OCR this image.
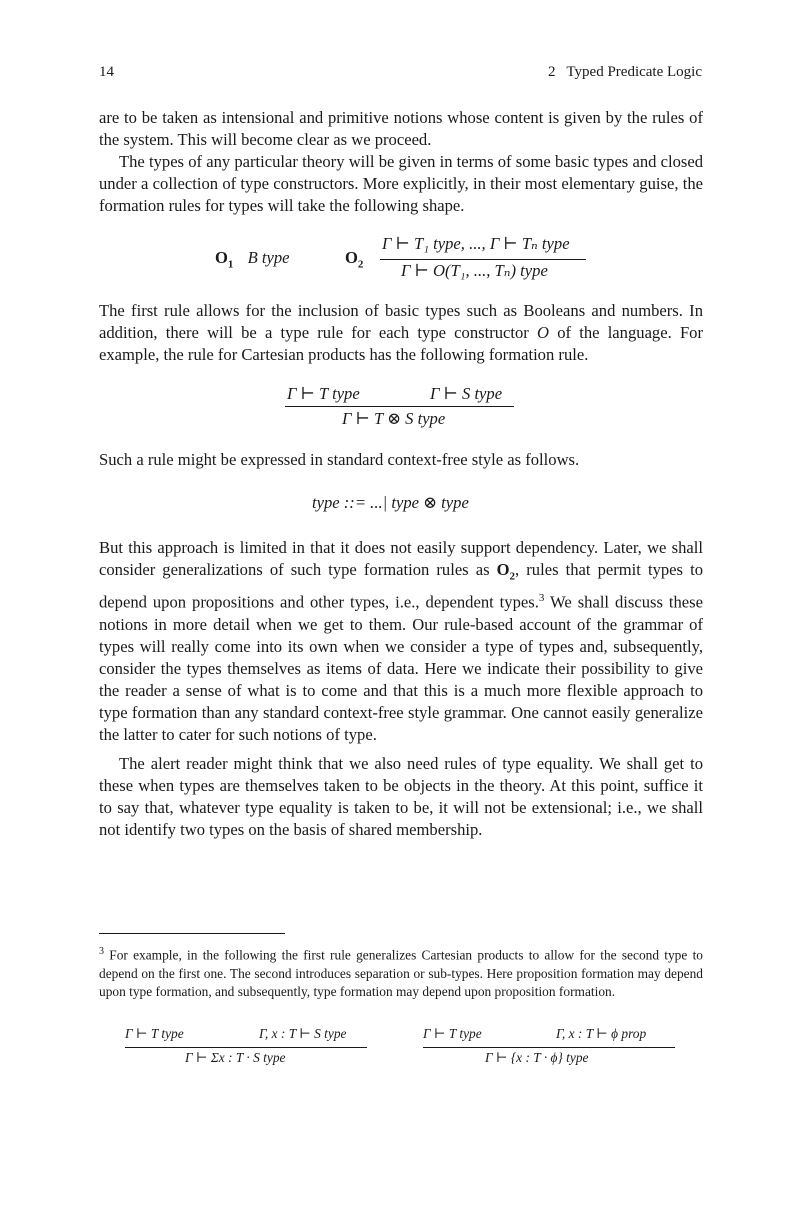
14	2   Typed Predicate Logic

are to be taken as intensional and primitive notions whose content is given by the rules of the system. This will become clear as we proceed.

The types of any particular theory will be given in terms of some basic types and closed under a collection of type constructors. More explicitly, in their most elementary guise, the formation rules for types will take the following shape.

$O_1$ B type	$O_2$
Γ ⊢ T₁ type, ..., Γ ⊢ Tₙ type
Γ ⊢ O(T₁, ..., Tₙ) type

The first rule allows for the inclusion of basic types such as Booleans and numbers. In addition, there will be a type rule for each type constructor O of the language. For example, the rule for Cartesian products has the following formation rule.

Γ ⊢ T type	Γ ⊢ S type
Γ ⊢ T ⊗ S type

Such a rule might be expressed in standard context-free style as follows.

type ::= ...| type ⊗ type

But this approach is limited in that it does not easily support dependency. Later, we shall consider generalizations of such type formation rules as $O_2$, rules that permit types to depend upon propositions and other types, i.e., dependent types.$^3$ We shall discuss these notions in more detail when we get to them. Our rule-based account of the grammar of types will really come into its own when we consider a type of types and, subsequently, consider the types themselves as items of data. Here we indicate their possibility to give the reader a sense of what is to come and that this is a much more flexible approach to type formation than any standard context-free style grammar. One cannot easily generalize the latter to cater for such notions of type.

The alert reader might think that we also need rules of type equality. We shall get to these when types are themselves taken to be objects in the theory. At this point, suffice it to say that, whatever type equality is taken to be, it will not be extensional; i.e., we shall not identify two types on the basis of shared membership.

$^3$ For example, in the following the first rule generalizes Cartesian products to allow for the second type to depend on the first one. The second introduces separation or sub-types. Here proposition formation may depend upon type formation, and subsequently, type formation may depend upon proposition formation.

Γ ⊢ T type	Γ, x : T ⊢ S type
Γ ⊢ Σx : T · S type
Γ ⊢ T type	Γ, x : T ⊢ ϕ prop
Γ ⊢ {x : T · ϕ} type
